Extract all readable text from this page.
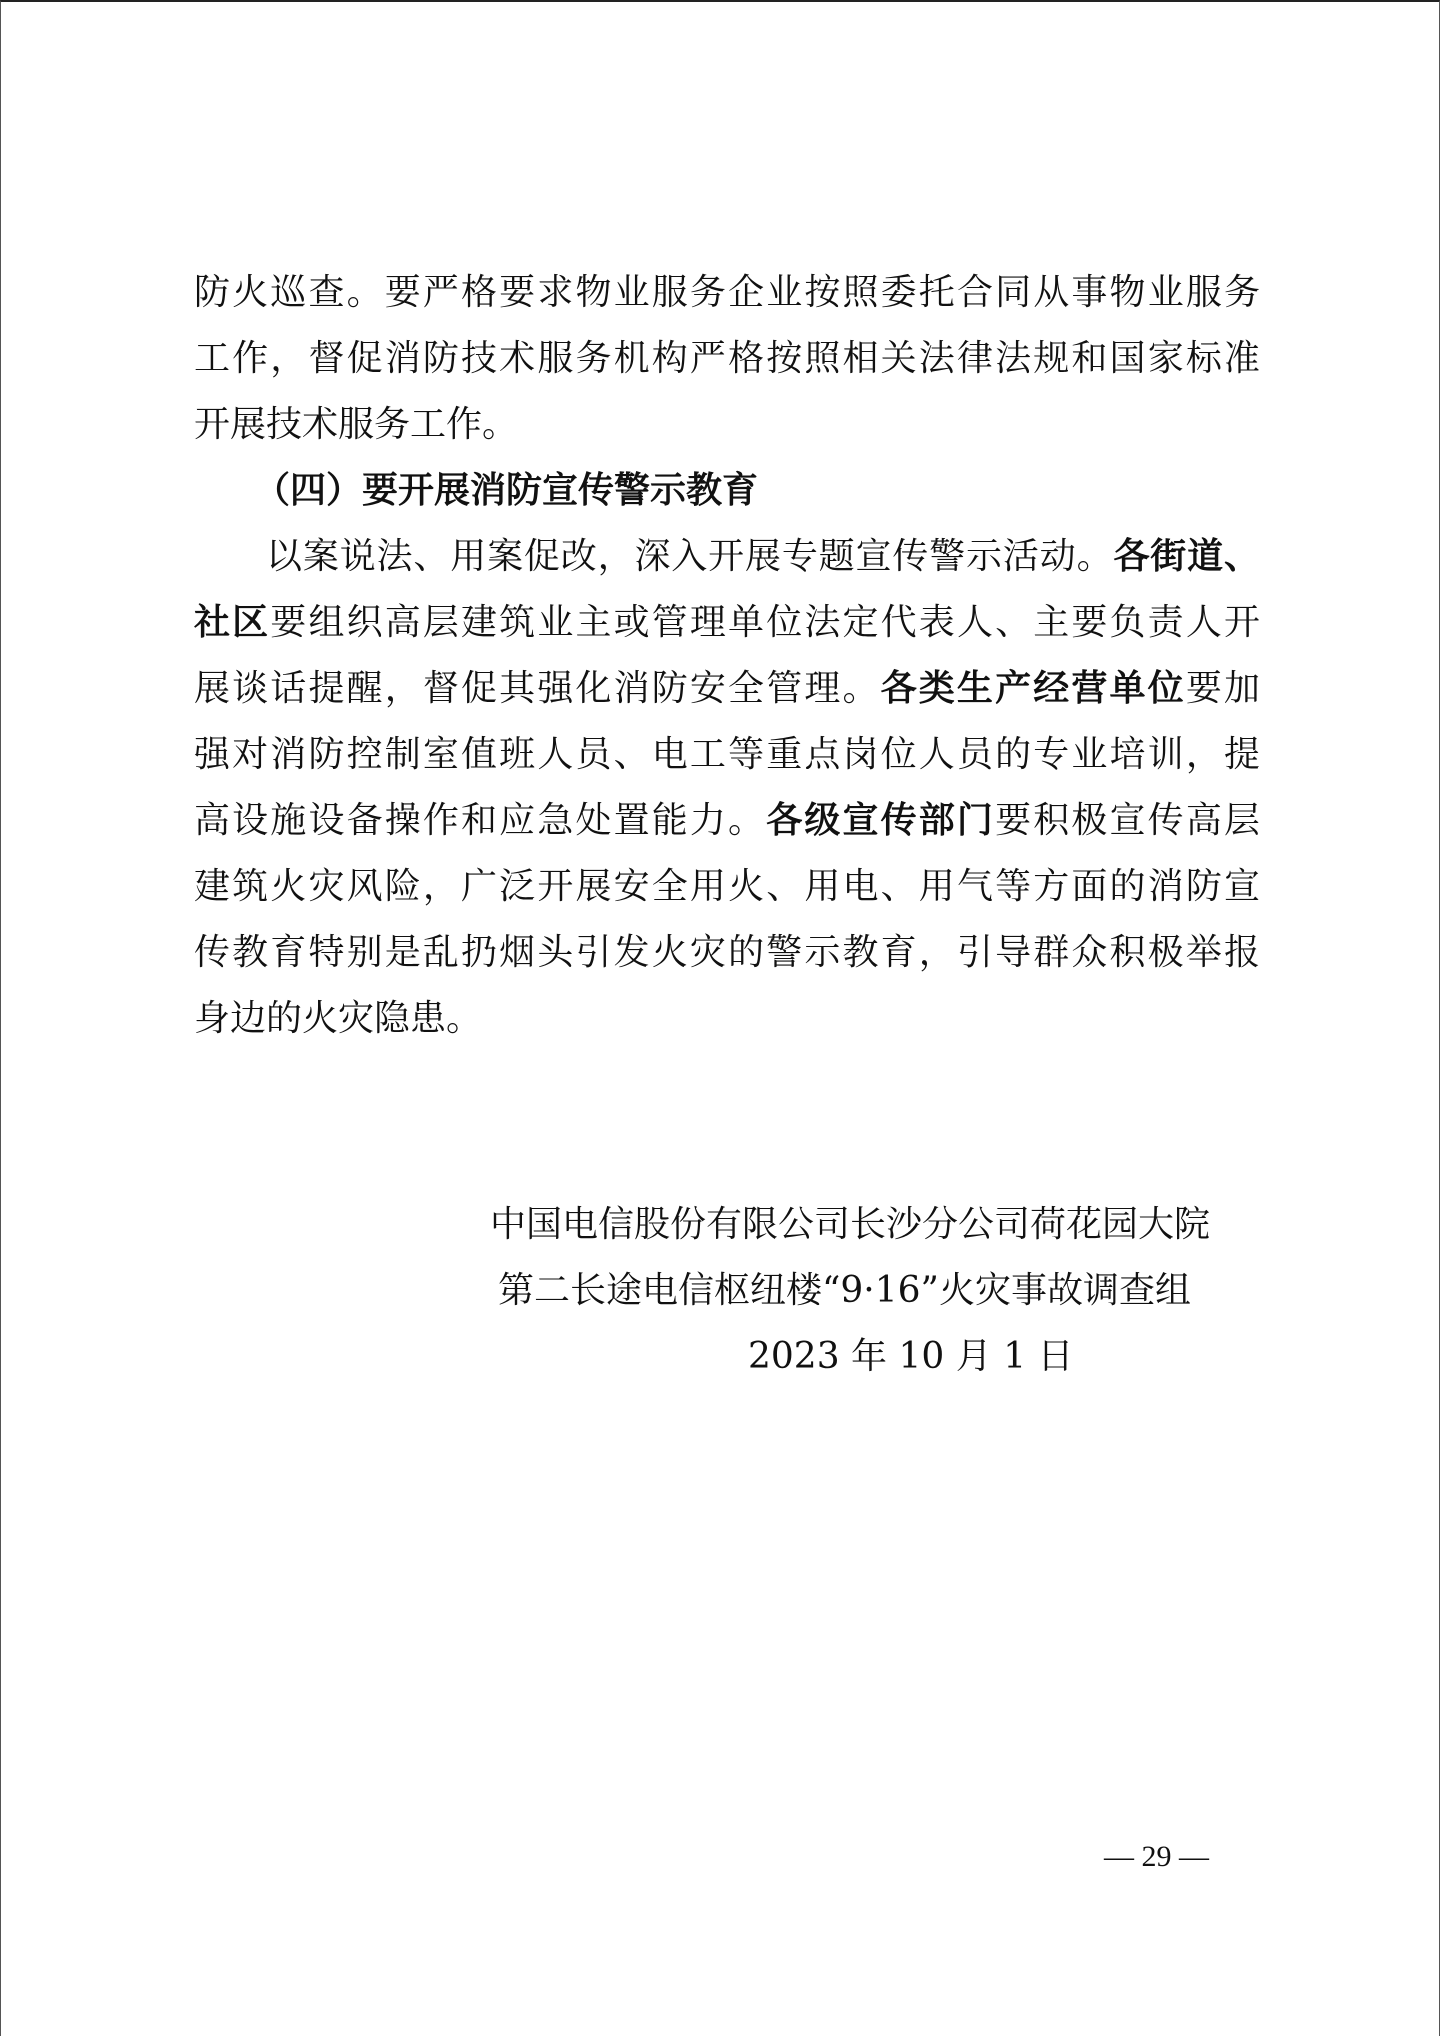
防火巡查。要严格要求物业服务企业按照委托合同从事物业服务
工作，督促消防技术服务机构严格按照相关法律法规和国家标准
开展技术服务工作。
（四）要开展消防宣传警示教育
以案说法、用案促改，深入开展专题宣传警示活动。各街道、
社区要组织高层建筑业主或管理单位法定代表人、主要负责人开
展谈话提醒，督促其强化消防安全管理。各类生产经营单位要加
强对消防控制室值班人员、电工等重点岗位人员的专业培训，提
高设施设备操作和应急处置能力。各级宣传部门要积极宣传高层
建筑火灾风险，广泛开展安全用火、用电、用气等方面的消防宣
传教育特别是乱扔烟头引发火灾的警示教育，引导群众积极举报
身边的火灾隐患。
中国电信股份有限公司长沙分公司荷花园大院
第二长途电信枢纽楼“9·16”火灾事故调查组
2023 年 10 月 1 日
— 29 —
